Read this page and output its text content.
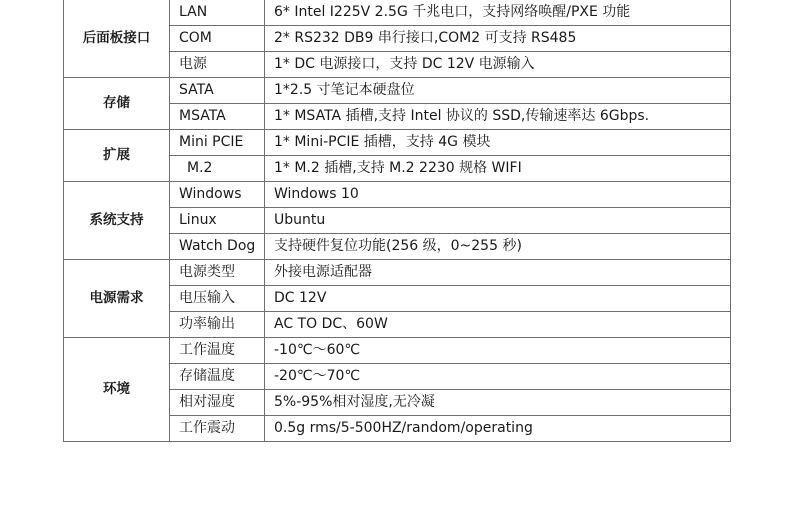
后面板接口	LAN	6* Intel I225V 2.5G 千兆电口，支持网络唤醒/PXE 功能
	COM	2* RS232 DB9 串行接口,COM2 可支持 RS485
	电源	1* DC 电源接口，支持 DC 12V 电源输入
存储	SATA	1*2.5 寸笔记本硬盘位
	MSATA	1* MSATA 插槽,支持 Intel 协议的 SSD,传输速率达 6Gbps.
扩展	Mini PCIE	1* Mini-PCIE 插槽，支持 4G 模块
	M.2	1* M.2 插槽,支持 M.2 2230 规格 WIFI
系统支持	Windows	Windows 10
	Linux	Ubuntu
	Watch Dog	支持硬件复位功能(256 级，0~255 秒)
电源需求	电源类型	外接电源适配器
	电压输入	DC 12V
	功率输出	AC TO DC、60W
环境	工作温度	-10℃～60℃
	存储温度	-20℃～70℃
	相对湿度	5%-95%相对湿度,无冷凝
	工作震动	0.5g rms/5-500HZ/random/operating
